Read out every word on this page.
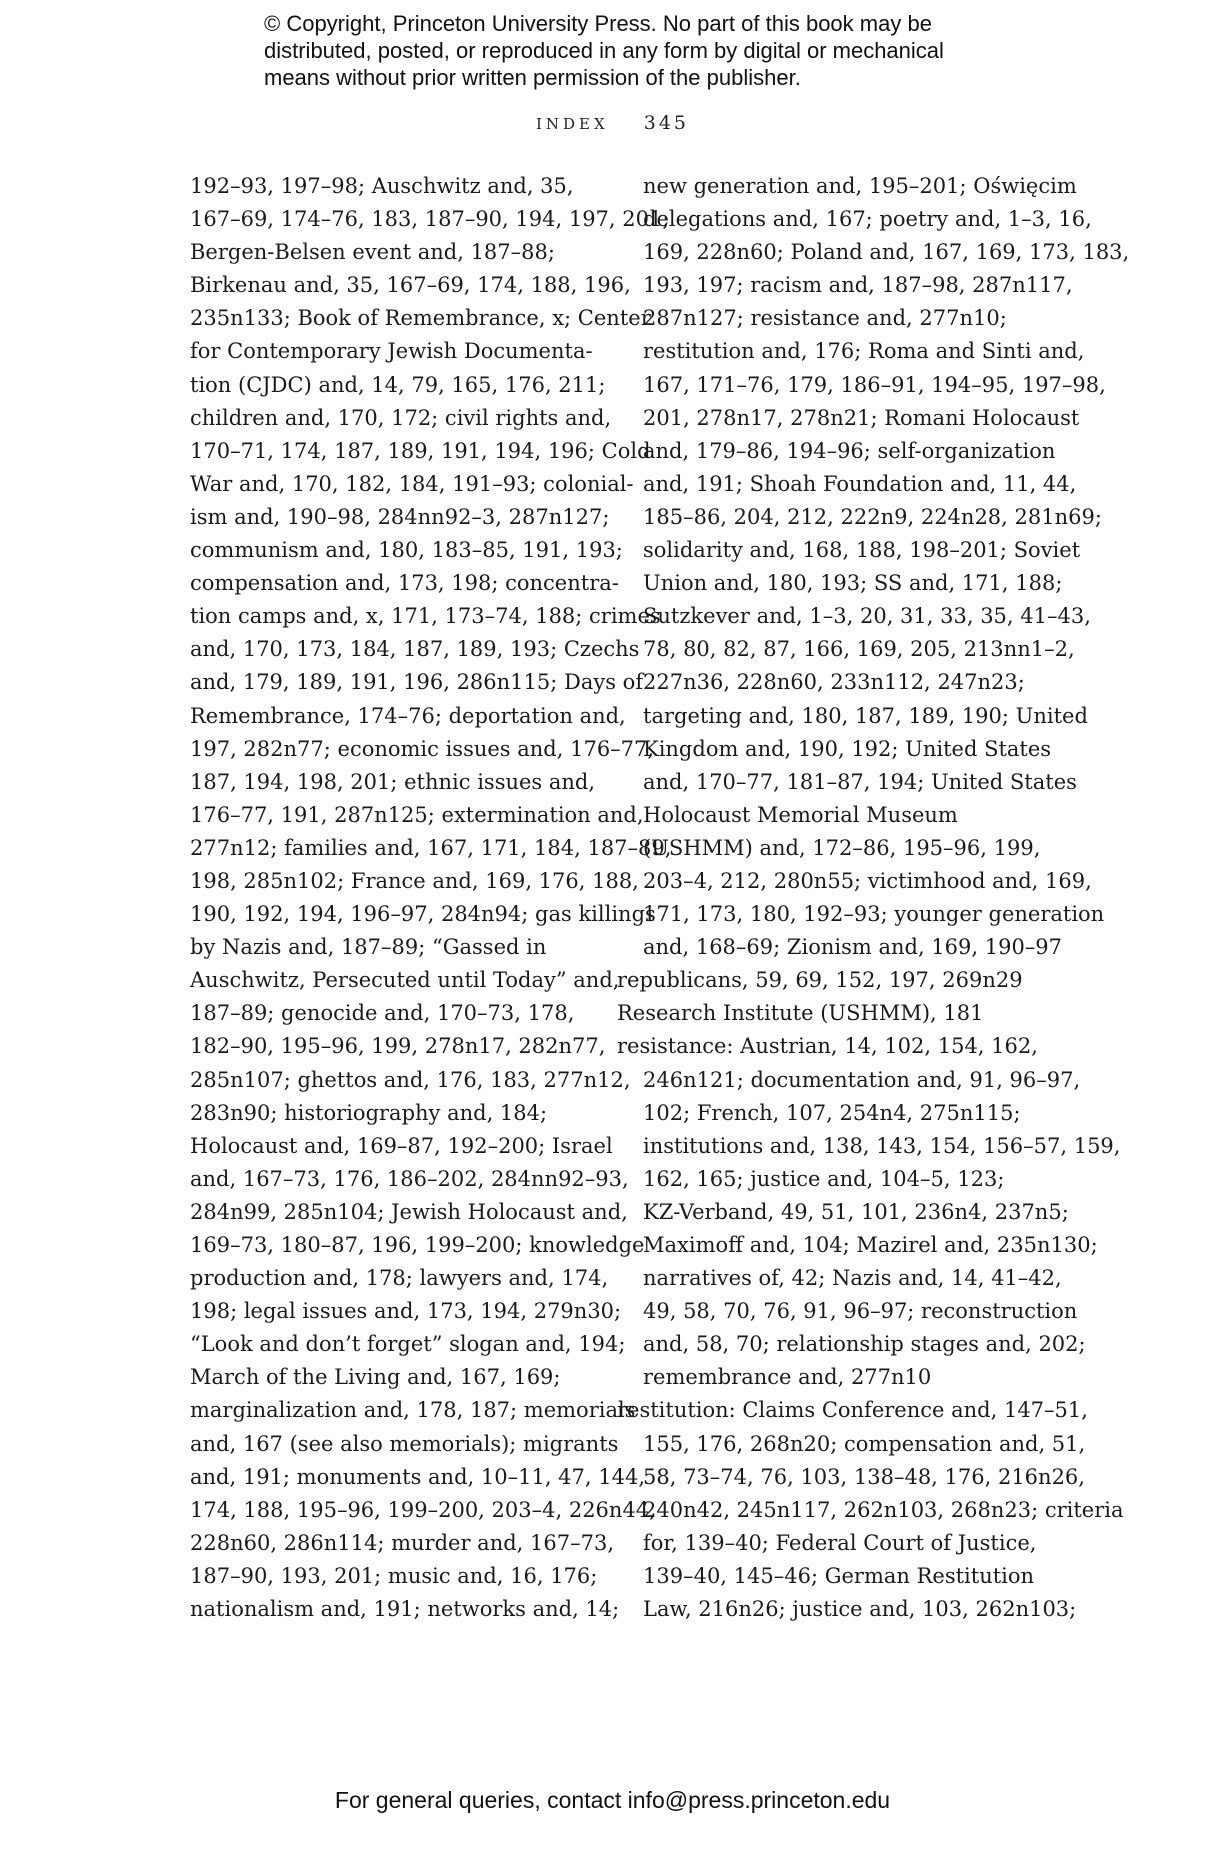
© Copyright, Princeton University Press. No part of this book may be
distributed, posted, or reproduced in any form by digital or mechanical
means without prior written permission of the publisher.
INDEX 345
192–93, 197–98; Auschwitz and, 35,
167–69, 174–76, 183, 187–90, 194, 197, 201;
Bergen-Belsen event and, 187–88;
Birkenau and, 35, 167–69, 174, 188, 196,
235n133; Book of Remembrance, x; Center
for Contemporary Jewish Documenta-
tion (CJDC) and, 14, 79, 165, 176, 211;
children and, 170, 172; civil rights and,
170–71, 174, 187, 189, 191, 194, 196; Cold
War and, 170, 182, 184, 191–93; colonial-
ism and, 190–98, 284nn92–3, 287n127;
communism and, 180, 183–85, 191, 193;
compensation and, 173, 198; concentra-
tion camps and, x, 171, 173–74, 188; crimes
and, 170, 173, 184, 187, 189, 193; Czechs
and, 179, 189, 191, 196, 286n115; Days of
Remembrance, 174–76; deportation and,
197, 282n77; economic issues and, 176–77,
187, 194, 198, 201; ethnic issues and,
176–77, 191, 287n125; extermination and,
277n12; families and, 167, 171, 184, 187–89,
198, 285n102; France and, 169, 176, 188,
190, 192, 194, 196–97, 284n94; gas killings
by Nazis and, 187–89; “Gassed in
Auschwitz, Persecuted until Today” and,
187–89; genocide and, 170–73, 178,
182–90, 195–96, 199, 278n17, 282n77,
285n107; ghettos and, 176, 183, 277n12,
283n90; historiography and, 184;
Holocaust and, 169–87, 192–200; Israel
and, 167–73, 176, 186–202, 284nn92–93,
284n99, 285n104; Jewish Holocaust and,
169–73, 180–87, 196, 199–200; knowledge
production and, 178; lawyers and, 174,
198; legal issues and, 173, 194, 279n30;
“Look and don’t forget” slogan and, 194;
March of the Living and, 167, 169;
marginalization and, 178, 187; memorials
and, 167 (see also memorials); migrants
and, 191; monuments and, 10–11, 47, 144,
174, 188, 195–96, 199–200, 203–4, 226n44,
228n60, 286n114; murder and, 167–73,
187–90, 193, 201; music and, 16, 176;
nationalism and, 191; networks and, 14;
new generation and, 195–201; Oświęcim
delegations and, 167; poetry and, 1–3, 16,
169, 228n60; Poland and, 167, 169, 173, 183,
193, 197; racism and, 187–98, 287n117,
287n127; resistance and, 277n10;
restitution and, 176; Roma and Sinti and,
167, 171–76, 179, 186–91, 194–95, 197–98,
201, 278n17, 278n21; Romani Holocaust
and, 179–86, 194–96; self-organization
and, 191; Shoah Foundation and, 11, 44,
185–86, 204, 212, 222n9, 224n28, 281n69;
solidarity and, 168, 188, 198–201; Soviet
Union and, 180, 193; SS and, 171, 188;
Sutzkever and, 1–3, 20, 31, 33, 35, 41–43,
78, 80, 82, 87, 166, 169, 205, 213nn1–2,
227n36, 228n60, 233n112, 247n23;
targeting and, 180, 187, 189, 190; United
Kingdom and, 190, 192; United States
and, 170–77, 181–87, 194; United States
Holocaust Memorial Museum
(USHMM) and, 172–86, 195–96, 199,
203–4, 212, 280n55; victimhood and, 169,
171, 173, 180, 192–93; younger generation
and, 168–69; Zionism and, 169, 190–97
republicans, 59, 69, 152, 197, 269n29
Research Institute (USHMM), 181
resistance: Austrian, 14, 102, 154, 162,
246n121; documentation and, 91, 96–97,
102; French, 107, 254n4, 275n115;
institutions and, 138, 143, 154, 156–57, 159,
162, 165; justice and, 104–5, 123;
KZ-Verband, 49, 51, 101, 236n4, 237n5;
Maximoff and, 104; Mazirel and, 235n130;
narratives of, 42; Nazis and, 14, 41–42,
49, 58, 70, 76, 91, 96–97; reconstruction
and, 58, 70; relationship stages and, 202;
remembrance and, 277n10
restitution: Claims Conference and, 147–51,
155, 176, 268n20; compensation and, 51,
58, 73–74, 76, 103, 138–48, 176, 216n26,
240n42, 245n117, 262n103, 268n23; criteria
for, 139–40; Federal Court of Justice,
139–40, 145–46; German Restitution
Law, 216n26; justice and, 103, 262n103;
For general queries, contact info@press.princeton.edu
